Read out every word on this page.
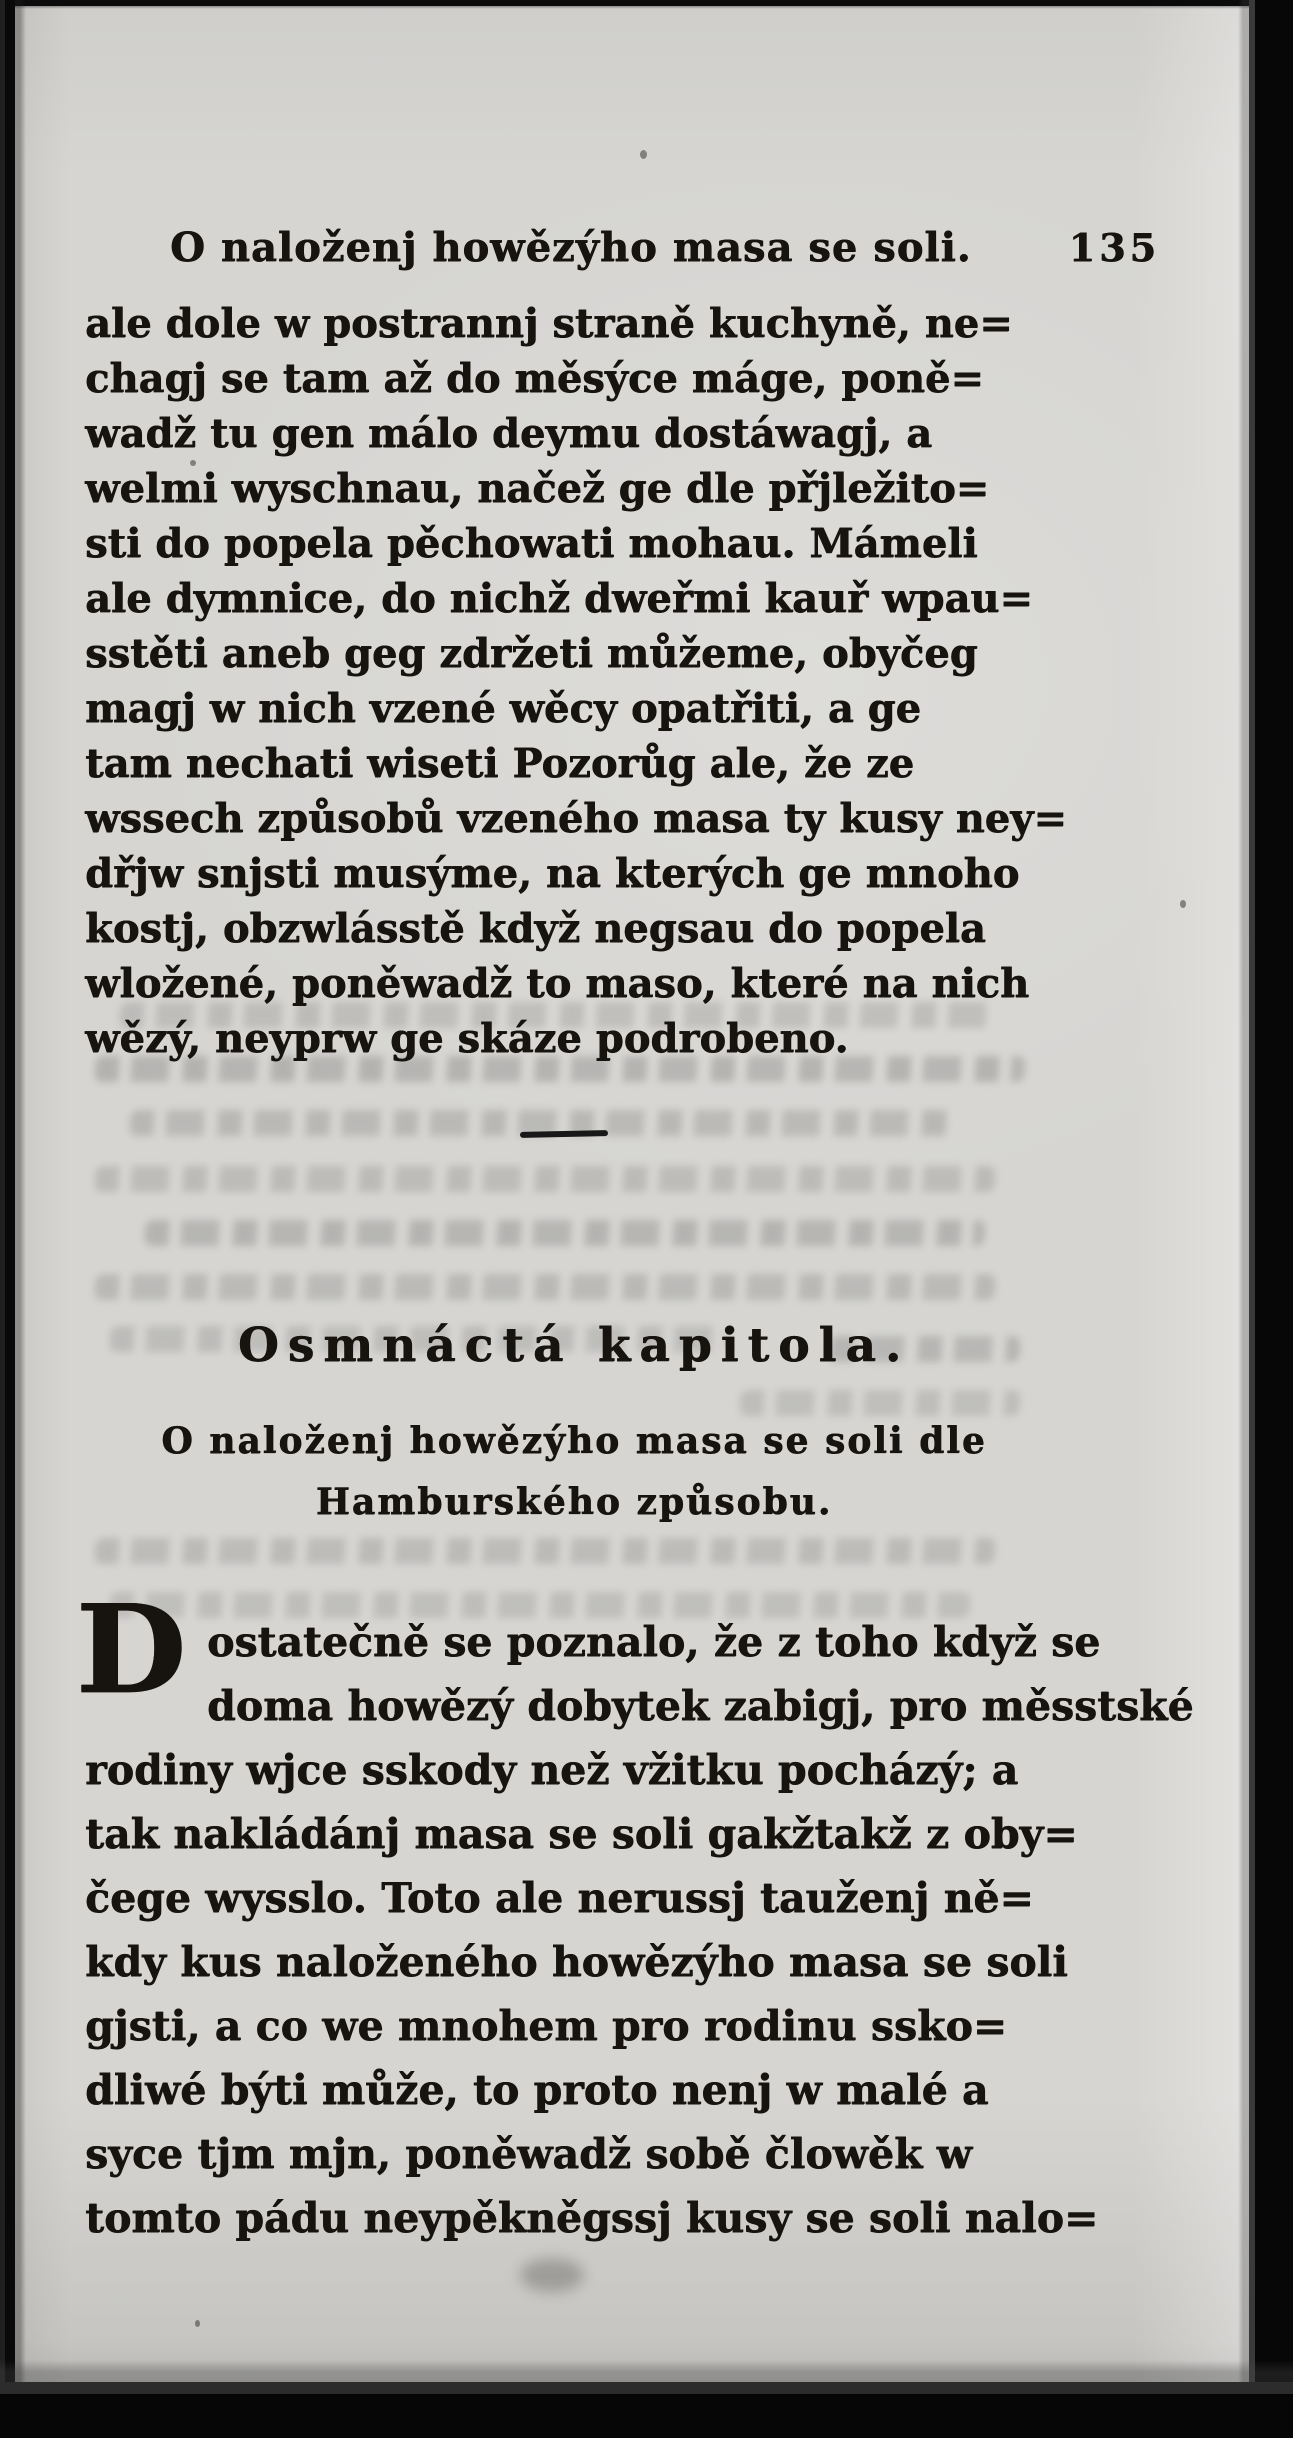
O naloženj howězýho masa se soli.	135
ale dole w postrannj straně kuchyně, ne=
chagj se tam až do měsýce máge, poně=
wadž tu gen málo deymu dostáwagj, a
welmi wyschnau, načež ge dle přjležito=
sti do popela pěchowati mohau. Mámeli
ale dymnice, do nichž dweřmi kauř wpau=
sstěti aneb geg zdržeti můžeme, obyčeg
magj w nich vzené wěcy opatřiti, a ge
tam nechati wiseti Pozorůg ale, že ze
wssech způsobů vzeného masa ty kusy ney=
dřjw snjsti musýme, na kterých ge mnoho
kostj, obzwlásstě když negsau do popela
wložené, poněwadž to maso, které na nich
wězý, neyprw ge skáze podrobeno.
Osmnáctá kapitola.
O naloženj howězýho masa se soli dle
Hamburského způsobu.
D ostatečně se poznalo, že z toho když se
doma howězý dobytek zabigj, pro měsstské
rodiny wjce sskody než vžitku pocházý; a
tak nakládánj masa se soli gakžtakž z oby=
čege wysslo. Toto ale nerussj tauženj ně=
kdy kus naloženého howězýho masa se soli
gjsti, a co we mnohem pro rodinu ssko=
dliwé býti může, to proto nenj w malé a
syce tjm mjn, poněwadž sobě člowěk w
tomto pádu neypěkněgssj kusy se soli nalo=
